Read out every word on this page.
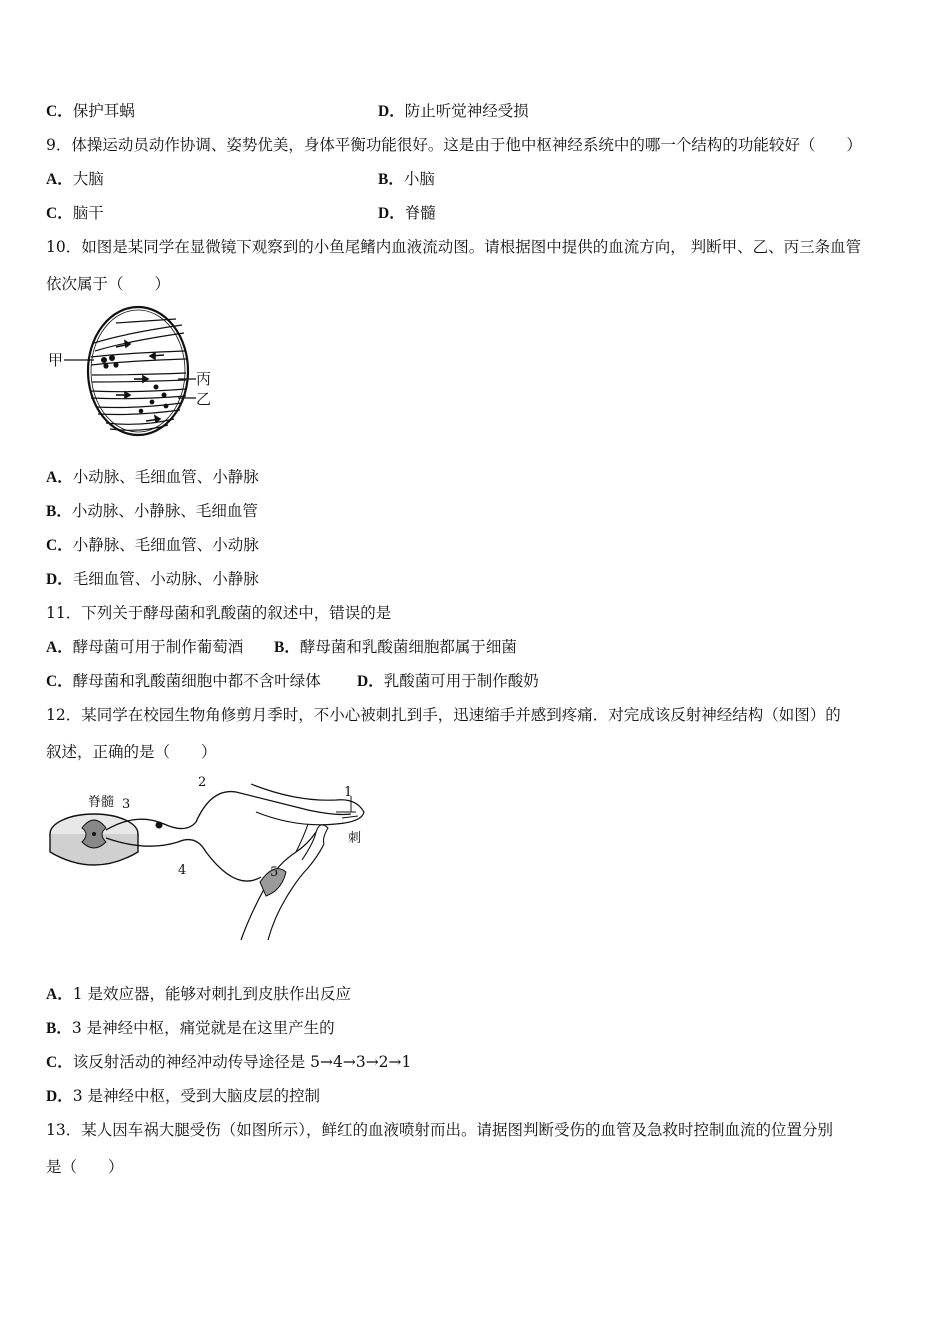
C．保护耳蜗	D．防止听觉神经受损
9．体操运动员动作协调、姿势优美，身体平衡功能很好。这是由于他中枢神经系统中的哪一个结构的功能较好（　　）
A．大脑	B．小脑
C．脑干	D．脊髓
10．如图是某同学在显微镜下观察到的小鱼尾鳍内血液流动图。请根据图中提供的血流方向， 判断甲、乙、丙三条血管
依次属于（　　）
甲
丙
乙
A．小动脉、毛细血管、小静脉
B．小动脉、小静脉、毛细血管
C．小静脉、毛细血管、小动脉
D．毛细血管、小动脉、小静脉
11．下列关于酵母菌和乳酸菌的叙述中，错误的是
A．酵母菌可用于制作葡萄酒 B．酵母菌和乳酸菌细胞都属于细菌
C．酵母菌和乳酸菌细胞中都不含叶绿体 D．乳酸菌可用于制作酸奶
12．某同学在校园生物角修剪月季时，不小心被刺扎到手，迅速缩手并感到疼痛．对完成该反射神经结构（如图）的
叙述，正确的是（　　）
脊髓 3
2
1
刺
4	5
A．1 是效应器，能够对刺扎到皮肤作出反应
B．3 是神经中枢，痛觉就是在这里产生的
C．该反射活动的神经冲动传导途径是 5→4→3→2→1
D．3 是神经中枢，受到大脑皮层的控制
13．某人因车祸大腿受伤（如图所示），鲜红的血液喷射而出。请据图判断受伤的血管及急救时控制血流的位置分别
是（　　）
